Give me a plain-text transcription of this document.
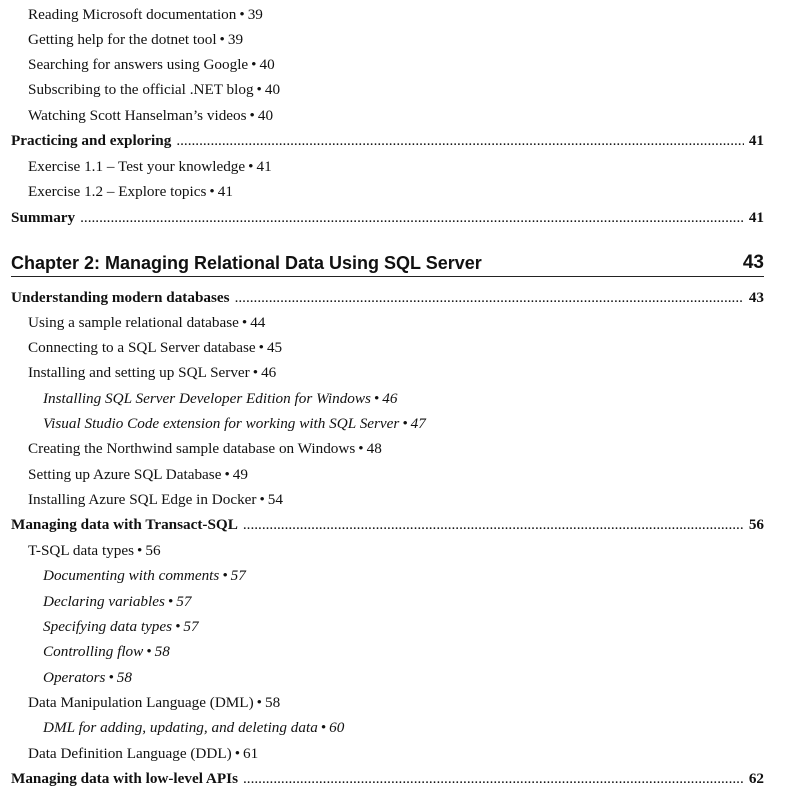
Reading Microsoft documentation • 39
Getting help for the dotnet tool • 39
Searching for answers using Google • 40
Subscribing to the official .NET blog • 40
Watching Scott Hanselman’s videos • 40
Practicing and exploring . . .	41
Exercise 1.1 – Test your knowledge • 41
Exercise 1.2 – Explore topics • 41
Summary . . .	41
Chapter 2: Managing Relational Data Using SQL Server	43
Understanding modern databases . . .	43
Using a sample relational database • 44
Connecting to a SQL Server database • 45
Installing and setting up SQL Server • 46
Installing SQL Server Developer Edition for Windows • 46
Visual Studio Code extension for working with SQL Server • 47
Creating the Northwind sample database on Windows • 48
Setting up Azure SQL Database • 49
Installing Azure SQL Edge in Docker • 54
Managing data with Transact-SQL . . .	56
T-SQL data types • 56
Documenting with comments • 57
Declaring variables • 57
Specifying data types • 57
Controlling flow • 58
Operators • 58
Data Manipulation Language (DML) • 58
DML for adding, updating, and deleting data • 60
Data Definition Language (DDL) • 61
Managing data with low-level APIs . . .	62
